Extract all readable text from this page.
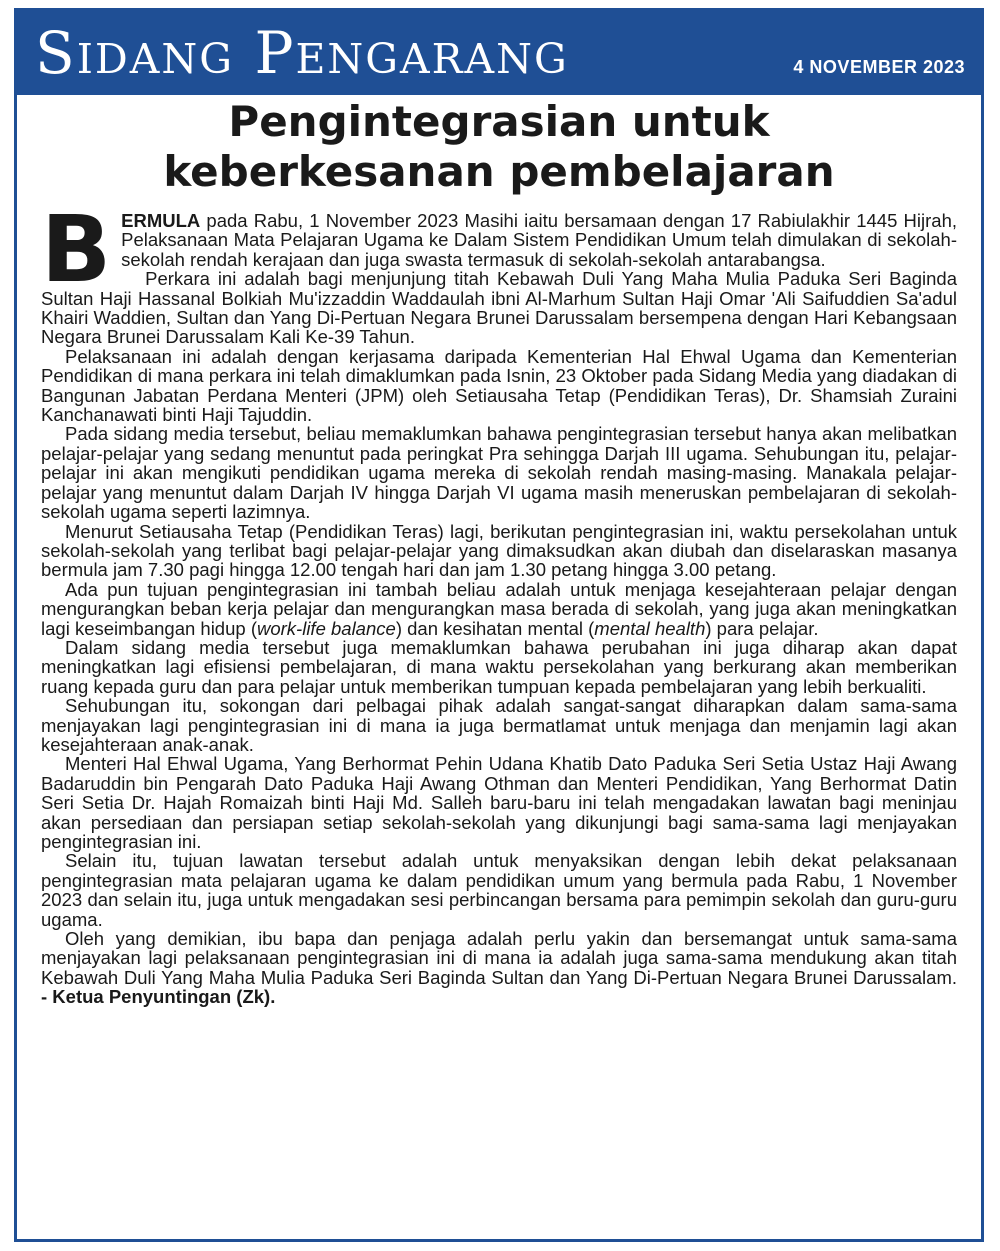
Sidang Pengarang	4 NOVEMBER 2023
Pengintegrasian untuk
keberkesanan pembelajaran

BERMULA pada Rabu, 1 November 2023 Masihi iaitu bersamaan dengan 17 Rabiulakhir 1445 Hijrah, Pelaksanaan Mata Pelajaran Ugama ke Dalam Sistem Pendidikan Umum telah dimulakan di sekolah-sekolah rendah kerajaan dan juga swasta termasuk di sekolah-sekolah antarabangsa.

Perkara ini adalah bagi menjunjung titah Kebawah Duli Yang Maha Mulia Paduka Seri Baginda Sultan Haji Hassanal Bolkiah Mu'izzaddin Waddaulah ibni Al-Marhum Sultan Haji Omar 'Ali Saifuddien Sa'adul Khairi Waddien, Sultan dan Yang Di-Pertuan Negara Brunei Darussalam bersempena dengan Hari Kebangsaan Negara Brunei Darussalam Kali Ke-39 Tahun.

Pelaksanaan ini adalah dengan kerjasama daripada Kementerian Hal Ehwal Ugama dan Kementerian Pendidikan di mana perkara ini telah dimaklumkan pada Isnin, 23 Oktober pada Sidang Media yang diadakan di Bangunan Jabatan Perdana Menteri (JPM) oleh Setiausaha Tetap (Pendidikan Teras), Dr. Shamsiah Zuraini Kanchanawati binti Haji Tajuddin.

Pada sidang media tersebut, beliau memaklumkan bahawa pengintegrasian tersebut hanya akan melibatkan pelajar-pelajar yang sedang menuntut pada peringkat Pra sehingga Darjah III ugama. Sehubungan itu, pelajar-pelajar ini akan mengikuti pendidikan ugama mereka di sekolah rendah masing-masing. Manakala pelajar-pelajar yang menuntut dalam Darjah IV hingga Darjah VI ugama masih meneruskan pembelajaran di sekolah-sekolah ugama seperti lazimnya.

Menurut Setiausaha Tetap (Pendidikan Teras) lagi, berikutan pengintegrasian ini, waktu persekolahan untuk sekolah-sekolah yang terlibat bagi pelajar-pelajar yang dimaksudkan akan diubah dan diselaraskan masanya bermula jam 7.30 pagi hingga 12.00 tengah hari dan jam 1.30 petang hingga 3.00 petang.

Ada pun tujuan pengintegrasian ini tambah beliau adalah untuk menjaga kesejahteraan pelajar dengan mengurangkan beban kerja pelajar dan mengurangkan masa berada di sekolah, yang juga akan meningkatkan lagi keseimbangan hidup (work-life balance) dan kesihatan mental (mental health) para pelajar.

Dalam sidang media tersebut juga memaklumkan bahawa perubahan ini juga diharap akan dapat meningkatkan lagi efisiensi pembelajaran, di mana waktu persekolahan yang berkurang akan memberikan ruang kepada guru dan para pelajar untuk memberikan tumpuan kepada pembelajaran yang lebih berkualiti.

Sehubungan itu, sokongan dari pelbagai pihak adalah sangat-sangat diharapkan dalam sama-sama menjayakan lagi pengintegrasian ini di mana ia juga bermatlamat untuk menjaga dan menjamin lagi akan kesejahteraan anak-anak.

Menteri Hal Ehwal Ugama, Yang Berhormat Pehin Udana Khatib Dato Paduka Seri Setia Ustaz Haji Awang Badaruddin bin Pengarah Dato Paduka Haji Awang Othman dan Menteri Pendidikan, Yang Berhormat Datin Seri Setia Dr. Hajah Romaizah binti Haji Md. Salleh baru-baru ini telah mengadakan lawatan bagi meninjau akan persediaan dan persiapan setiap sekolah-sekolah yang dikunjungi bagi sama-sama lagi menjayakan pengintegrasian ini.

Selain itu, tujuan lawatan tersebut adalah untuk menyaksikan dengan lebih dekat pelaksanaan pengintegrasian mata pelajaran ugama ke dalam pendidikan umum yang bermula pada Rabu, 1 November 2023 dan selain itu, juga untuk mengadakan sesi perbincangan bersama para pemimpin sekolah dan guru-guru ugama.

Oleh yang demikian, ibu bapa dan penjaga adalah perlu yakin dan bersemangat untuk sama-sama menjayakan lagi pelaksanaan pengintegrasian ini di mana ia adalah juga sama-sama mendukung akan titah Kebawah Duli Yang Maha Mulia Paduka Seri Baginda Sultan dan Yang Di-Pertuan Negara Brunei Darussalam. - Ketua Penyuntingan (Zk).
